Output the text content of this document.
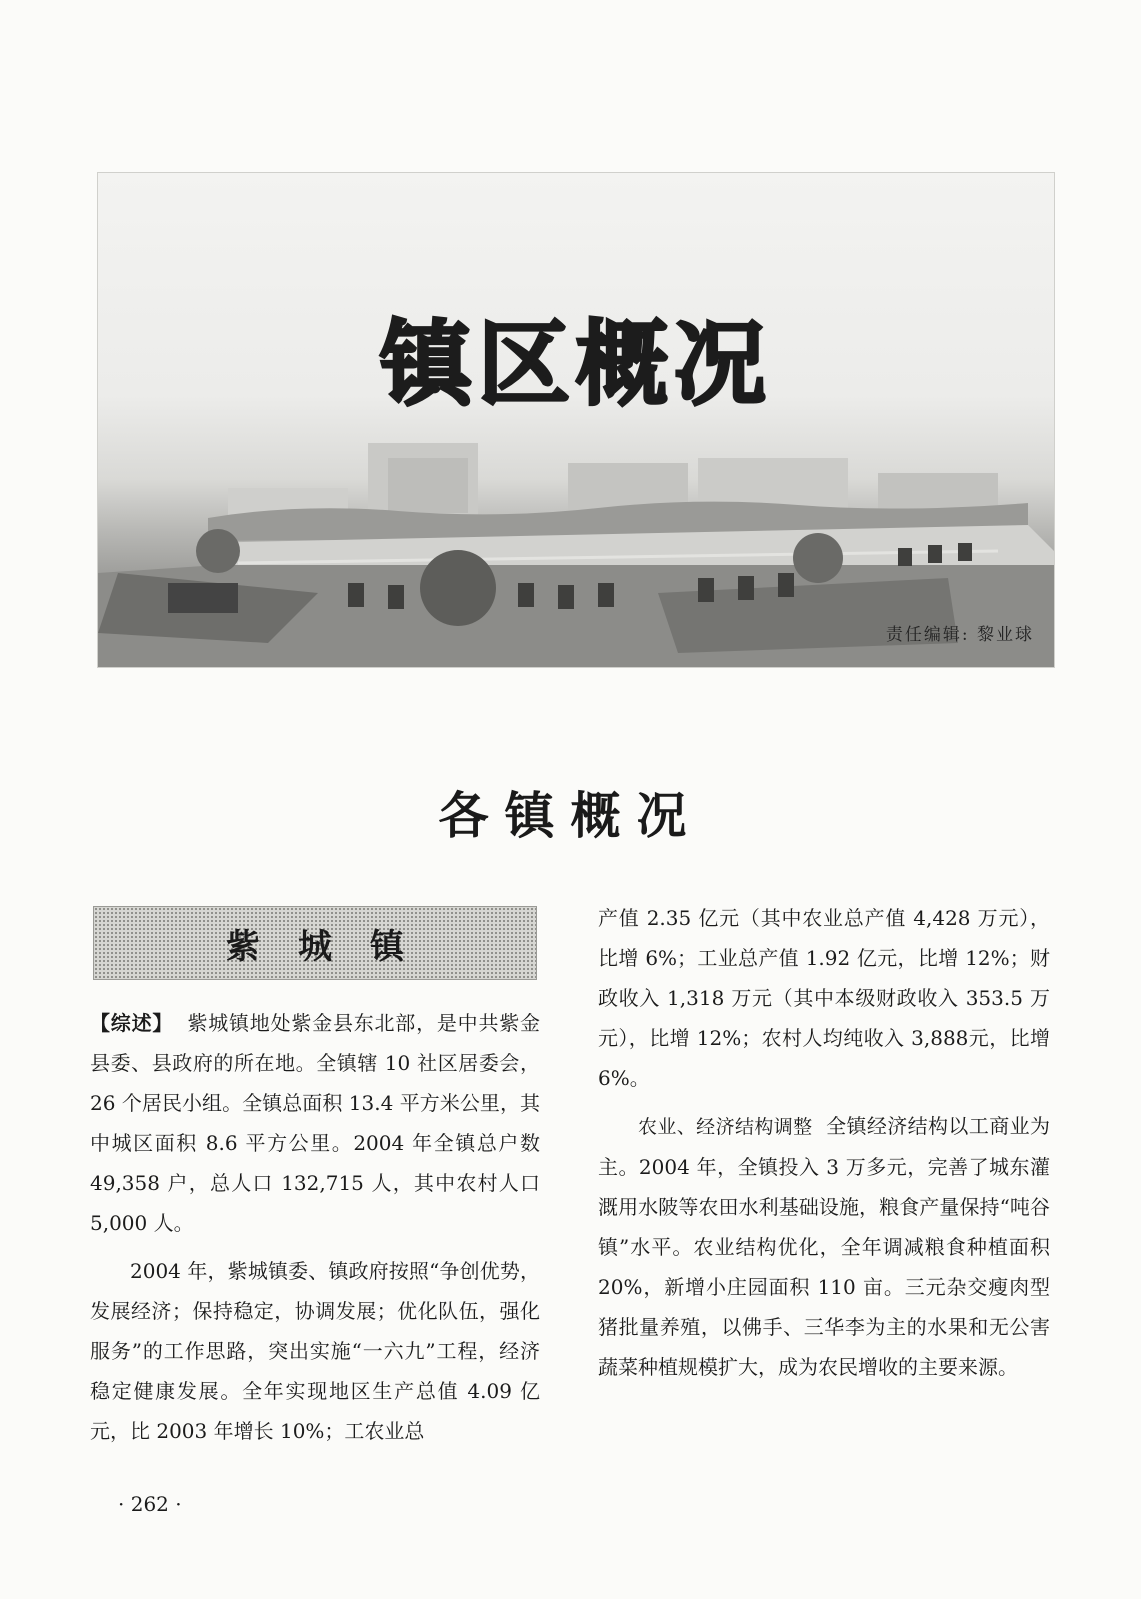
镇区概况
责任编辑: 黎业球
各镇概况
紫城镇

【综述】 紫城镇地处紫金县东北部，是中共紫金县委、县政府的所在地。全镇辖 10 社区居委会，26 个居民小组。全镇总面积 13.4 平方米公里，其中城区面积 8.6 平方公里。2004 年全镇总户数 49,358 户，总人口 132,715 人，其中农村人口 5,000 人。

2004 年，紫城镇委、镇政府按照“争创优势，发展经济；保持稳定，协调发展；优化队伍，强化服务”的工作思路，突出实施“一六九”工程，经济稳定健康发展。全年实现地区生产总值 4.09 亿元，比 2003 年增长 10%；工农业总

产值 2.35 亿元（其中农业总产值 4,428 万元），比增 6%；工业总产值 1.92 亿元，比增 12%；财政收入 1,318 万元（其中本级财政收入 353.5 万元），比增 12%；农村人均纯收入 3,888元，比增 6%。

农业、经济结构调整 全镇经济结构以工商业为主。2004 年，全镇投入 3 万多元，完善了城东灌溉用水陂等农田水利基础设施，粮食产量保持“吨谷镇”水平。农业结构优化，全年调减粮食种植面积 20%，新增小庄园面积 110 亩。三元杂交瘦肉型猪批量养殖，以佛手、三华李为主的水果和无公害蔬菜种植规模扩大，成为农民增收的主要来源。

· 262 ·
